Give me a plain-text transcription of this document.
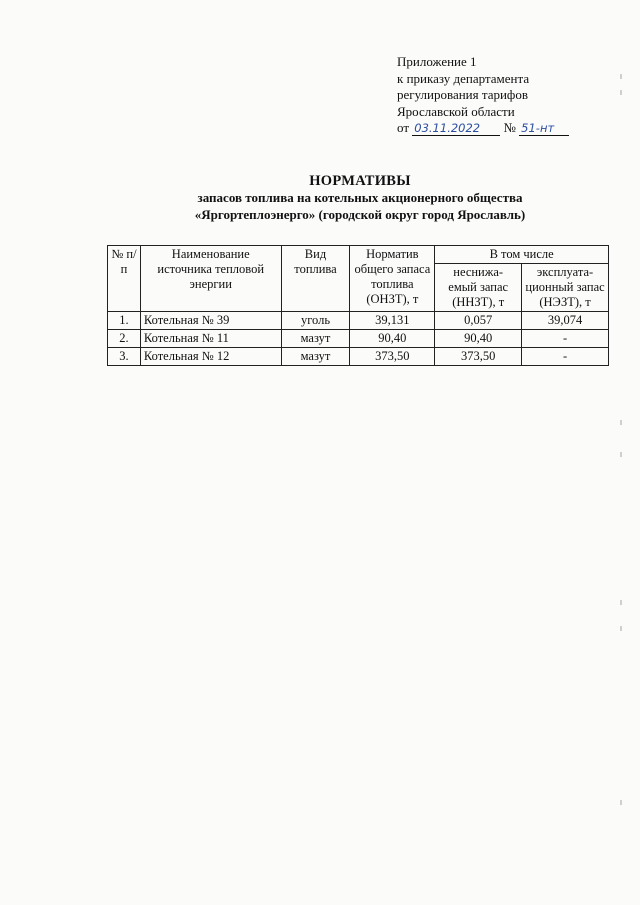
Приложение 1
к приказу департамента
регулирования тарифов
Ярославской области
от 03.11.2022 № 51-нт
НОРМАТИВЫ
запасов топлива на котельных акционерного общества
«Яргортеплоэнерго» (городской округ город Ярославль)
№ п/п	Наименование источника тепловой энергии	Вид топлива	Норматив общего запаса топлива (ОНЗТ), т	В том числе	
				неснижа- емый запас (ННЗТ), т	эксплуата- ционный запас (НЭЗТ), т
1.	Котельная № 39	уголь	39,131	0,057	39,074
2.	Котельная № 11	мазут	90,40	90,40	-
3.	Котельная № 12	мазут	373,50	373,50	-
